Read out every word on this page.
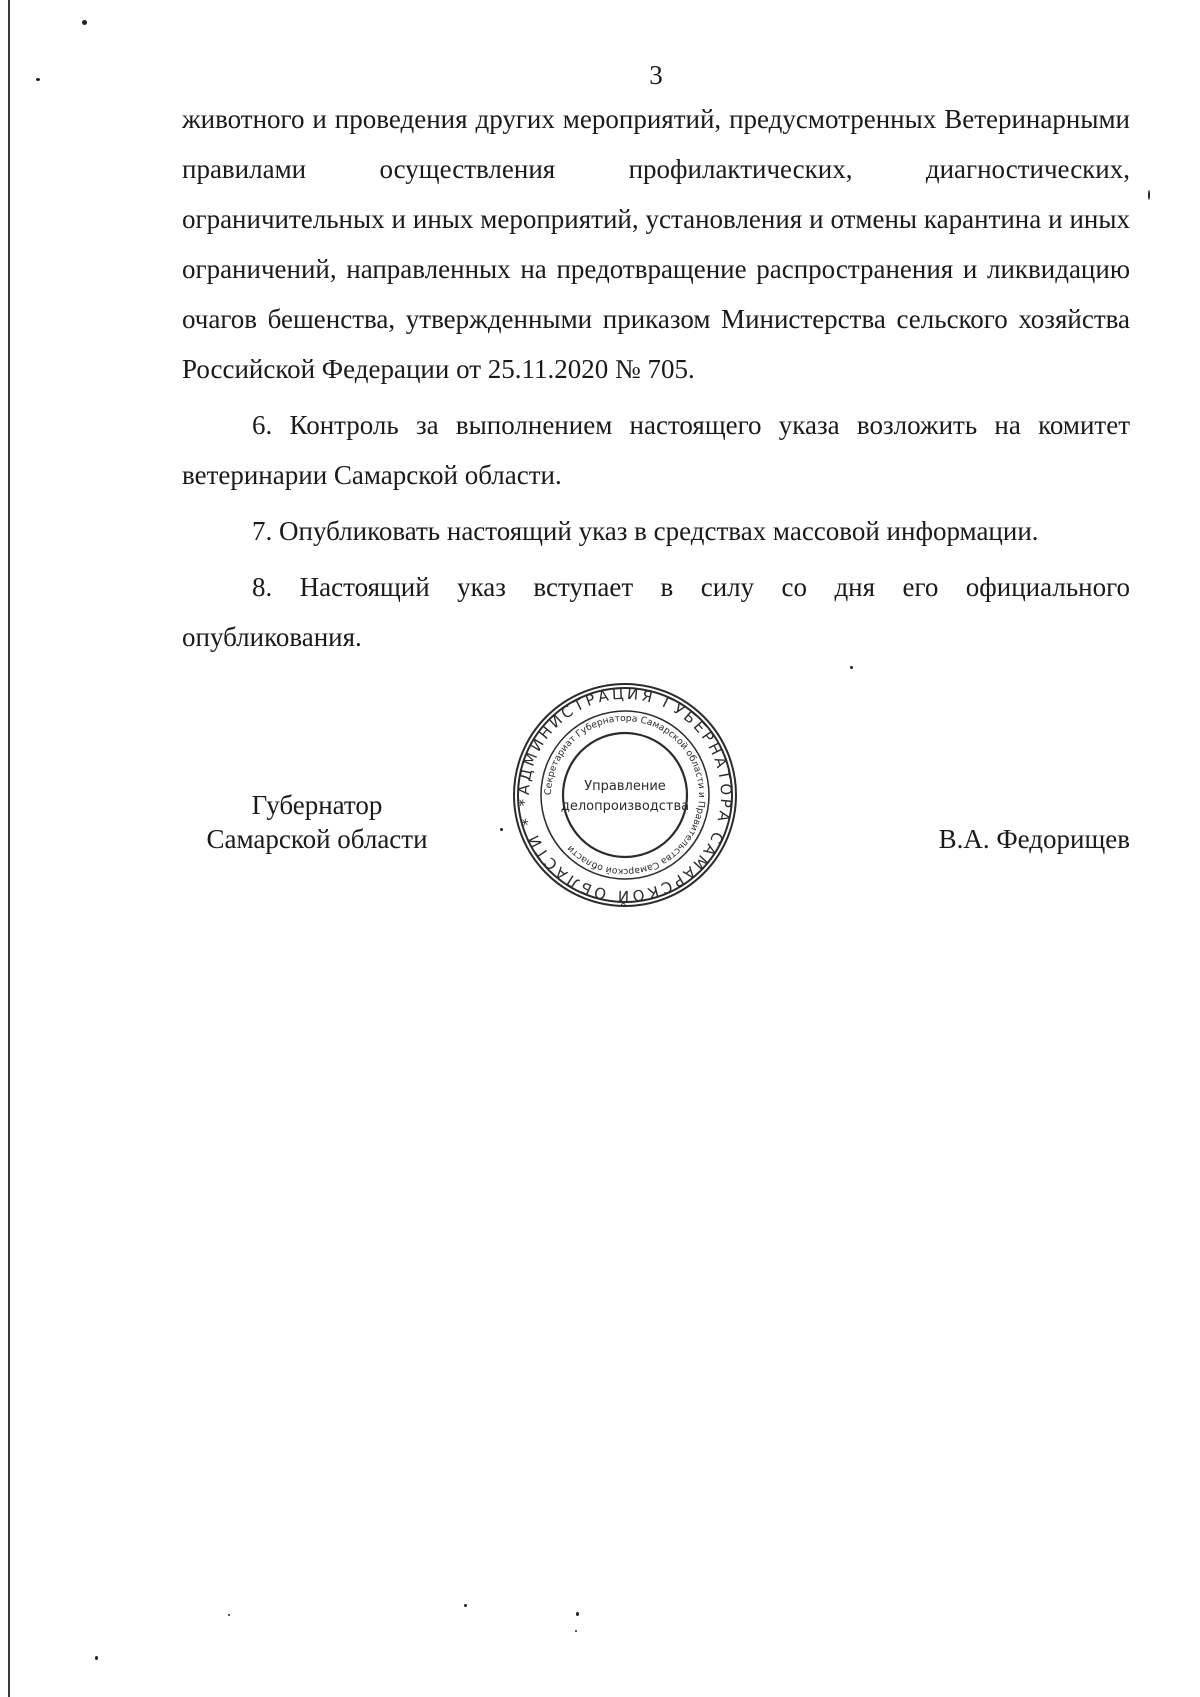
3

животного и проведения других мероприятий, предусмотренных Ветеринарными правилами осуществления профилактических, диагностических, ограничительных и иных мероприятий, установления и отмены карантина и иных ограничений, направленных на предотвращение распространения и ликвидацию очагов бешенства, утвержденными приказом Министерства сельского хозяйства Российской Федерации от 25.11.2020 № 705.

6. Контроль за выполнением настоящего указа возложить на комитет ветеринарии Самарской области.

7. Опубликовать настоящий указ в средствах массовой информации.

8. Настоящий указ вступает в силу со дня его официального опубликования.

Губернатор
Самарской области
АДМИНИСТРАЦИЯ ГУБЕРНАТОРА САМАРСКОЙ ОБЛАСТИ * *
Секретариат Губернатора Самарской области и Правительства Самарской области
Управление
делопроизводства
В.А. Федорищев
